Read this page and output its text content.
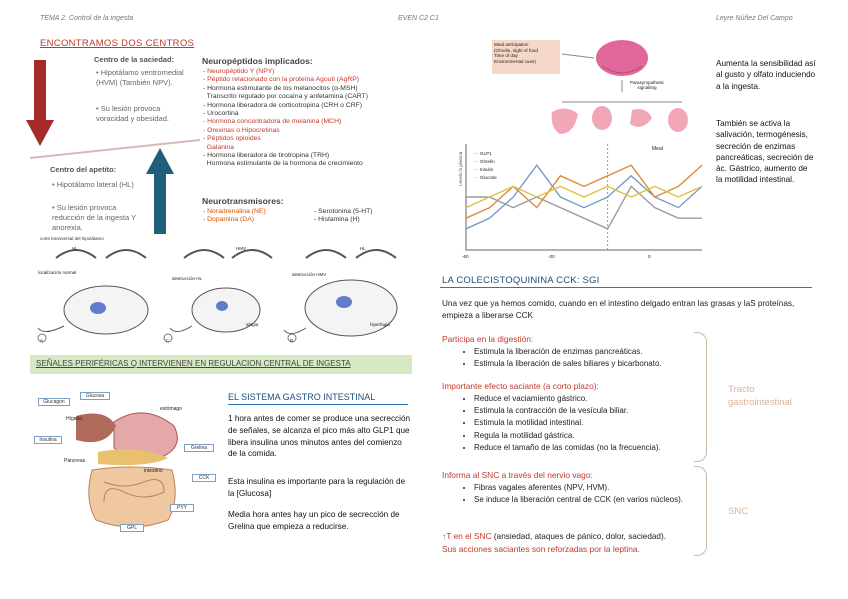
TEMA 2. Control de la ingesta	EVEN C2 C1	Leyre Núñez Del Campo
ENCONTRAMOS DOS CENTROS
Centro de la saciedad:
• Hipotálamo ventromedial (HVM) (También NPV).
• Su lesión provoca voracidad y obesidad.
Centro del apetito:
• Hipotálamo lateral (HL)
• Su lesión provoca reducción de la ingesta Y anorexia.
Neuropéptidos implicados:
- Neuropéptido Y (NPY)
- Péptido relacionado con la proteína Agouti (AgRP)
- Hormona estimulante de los melanocitos (α-MSH)
Transcrito regulado por cocaína y anfetamina (CART)
- Hormona liberadora de corticotropina (CRH o CRF)
- Urocortina
- Hormona concentradora de melanina (MCH)
- Orexinas o Hipocretinas
- Péptidos opioides
Galanina
- Hormona liberadora de tirotropina (TRH)
Hormona estimulante de la hormona de crecimiento
Neurotransmisores:
- Noradrenalina (NE)
- Dopamina (DA)
- Serotonina (5-HT)
- Histamina (H)
corte transversal del hipotálamo
A	C	B
HL	HMV	HL
localización normal
destrucción HL
afagia
destrucción HMV
hiperfagia
SEÑALES PERIFÉRICAS Q INTERVIENEN EN REGULACION CENTRAL DE INGESTA
Glucagon
Glucosa
Hígado
estómago
Insulina
Páncreas
Grelina
CCK
intestino
PYY
GPL
EL SISTEMA GASTRO INTESTINAL
1 hora antes de comer se produce una secrección de señales, se alcanza el pico más alto GLP1 que libera insulina unos minutos antes del comienzo de la comida.
Esta insulina es importante para la regulación de la [Glucosa]
Media hora antes hay un pico de secrección de Grelina que empieza a reducirse.
Meal anticipation
(Ghrelin, sight of food
Time of day
Environmental cues)
Parasympathetic signalling
Levels in plasma
Meal
— GLP1
— Ghrelin
— Insulin
— Glucose
-60	-30	0
Aumenta la sensibilidad así al gusto y olfato induciendo a la ingesta.
También se activa la salivación, termogénesis, secreción de enzimas pancreáticas, secreción de ác. Gástrico, aumento de la motilidad intestinal.
LA COLECISTOQUININA CCK: SGI
Una vez que ya hemos comido, cuando en el intestino delgado entran las grasas y laS proteínas, empieza a liberarse CCK
Participa en la digestión:
• Estimula la liberación de enzimas pancreáticas.
• Estimula la liberación de sales biliares y bicarbonato.
Importante efecto saciante (a corto plazo):
• Reduce el vaciamiento gástrico.
• Estimula la contracción de la vesícula biliar.
• Estimula la motilidad intestinal.
• Regula la motilidad gástrica.
• Reduce el tamaño de las comidas (no la frecuencia).
Informa al SNC a través del nervio vago:
• Fibras vagales aferentes (NPV, HVM).
• Se induce la liberación central de CCK (en varios núcleos).
↑T en el SNC (ansiedad, ataques de pánico, dolor, saciedad).
Sus acciones saciantes son reforzadas por la leptina.
Tracto gastrointestinal
SNC
